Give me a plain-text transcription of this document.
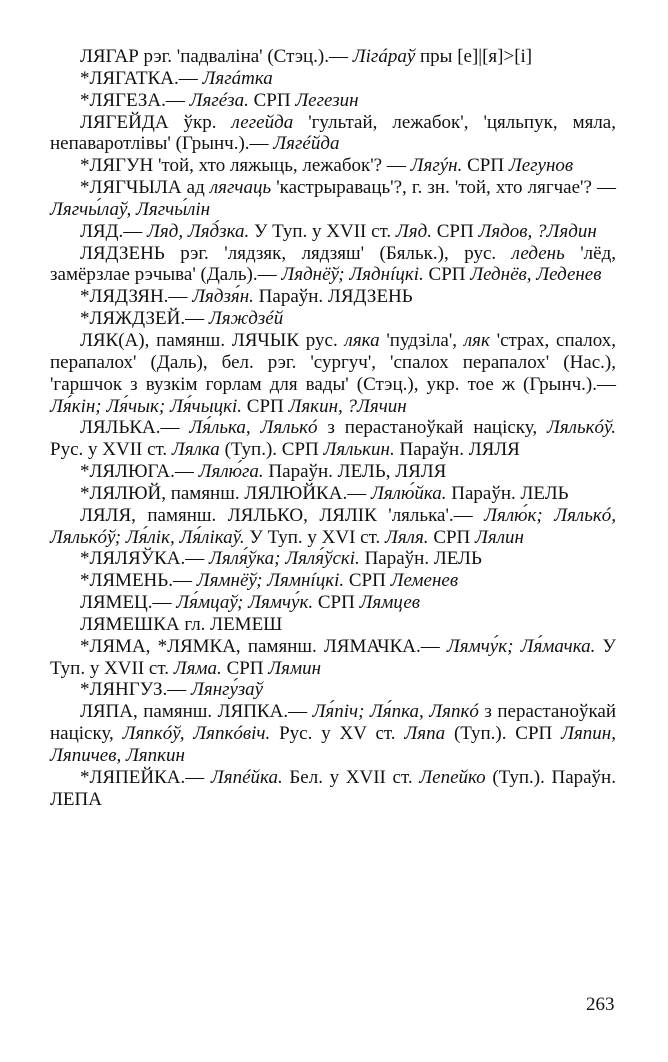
ЛЯГАР рэг. 'падваліна' (Стэц.).— Лігáраў пры [e]|[я]>[i]

*ЛЯГАТКА.— Лягáтка

*ЛЯГЕЗА.— Лягéза. СРП Легезин

ЛЯГЕЙДА ўкр. легейда 'гультай, лежабок', 'цяльпук, мяла, непаваротлівы' (Грынч.).— Лягéйда

*ЛЯГУН 'той, хто ляжыць, лежабок'? — Лягýн. СРП Легунов

*ЛЯГЧЫЛА ад лягчаць 'кастрыраваць'?, г. зн. 'той, хто лягчае'? — Лягчы́лаў, Лягчы́лін

ЛЯД.— Ляд, Ляд́зка. У Туп. у XVII ст. Ляд. СРП Лядов, ?Лядин

ЛЯДЗЕНЬ рэг. 'лядзяк, лядзяш' (Бяльк.), рус. ледень 'лёд, замёрзлае рэчыва' (Даль).— Ляднёў; Ляднíцкі. СРП Леднёв, Леденев

*ЛЯДЗЯН.— Лядзя́н. Параўн. ЛЯДЗЕНЬ

*ЛЯЖДЗЕЙ.— Ляждзéй

ЛЯК(А), памянш. ЛЯЧЫК рус. ляка 'пудзіла', ляк 'страх, спалох, перапалох' (Даль), бел. рэг. 'сургуч', 'спалох перапалох' (Нас.), 'гаршчок з вузкім горлам для вады' (Стэц.), укр. тое ж (Грынч.).— Ля́кін; Ля́чык; Ля́чыцкі. СРП Лякин, ?Лячин

ЛЯЛЬКА.— Ля́лька, Лялькó з перастаноўкай націску, Лялькóў. Рус. у XVII ст. Лялка (Туп.). СРП Лялькин. Параўн. ЛЯЛЯ

*ЛЯЛЮГА.— Лялю́га. Параўн. ЛЕЛЬ, ЛЯЛЯ

*ЛЯЛЮЙ, памянш. ЛЯЛЮЙКА.— Лялю́йка. Параўн. ЛЕЛЬ

ЛЯЛЯ, памянш. ЛЯЛЬКО, ЛЯЛІК 'лялька'.— Лялю́к; Лялькó, Лялькóў; Ля́лік, Ля́лікаў. У Туп. у XVI ст. Ляля. СРП Лялин

*ЛЯЛЯЎКА.— Ляля́ўка; Ляля́ўскі. Параўн. ЛЕЛЬ

*ЛЯМЕНЬ.— Лямнёў; Лямнíцкі. СРП Леменев

ЛЯМЕЦ.— Ля́мцаў; Лямчу́к. СРП Лямцев

ЛЯМЕШКА гл. ЛЕМЕШ

*ЛЯМА, *ЛЯМКА, памянш. ЛЯМАЧКА.— Лямчу́к; Ля́мачка. У Туп. у XVII ст. Ляма. СРП Лямин

*ЛЯНГУЗ.— Лянгу́заў

ЛЯПА, памянш. ЛЯПКА.— Ля́піч; Ля́пка, Ляпкó з перастаноўкай націску, Ляпкóў, Ляпкóвіч. Рус. у XV ст. Ляпа (Туп.). СРП Ляпин, Ляпичев, Ляпкин

*ЛЯПЕЙКА.— Ляпéйка. Бел. у XVII ст. Лепейко (Туп.). Параўн. ЛЕПА

263
